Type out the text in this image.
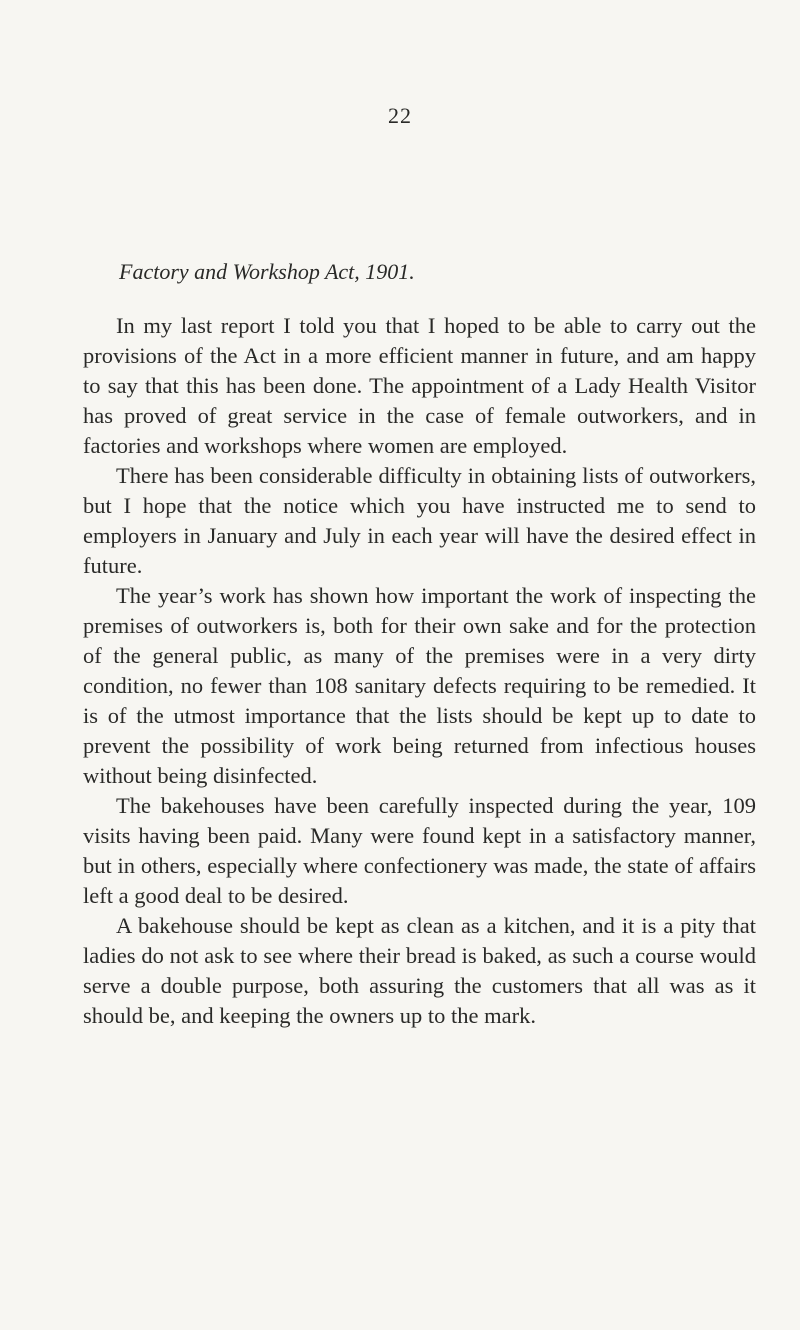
22
Factory and Workshop Act, 1901.

In my last report I told you that I hoped to be able to carry out the provisions of the Act in a more efficient manner in future, and am happy to say that this has been done. The appointment of a Lady Health Visitor has proved of great service in the case of female outworkers, and in factories and workshops where women are employed.

There has been considerable difficulty in obtaining lists of outworkers, but I hope that the notice which you have instructed me to send to employers in January and July in each year will have the desired effect in future.

The year’s work has shown how important the work of inspecting the premises of outworkers is, both for their own sake and for the protection of the general public, as many of the premises were in a very dirty condition, no fewer than 108 sanitary defects requiring to be remedied. It is of the utmost importance that the lists should be kept up to date to prevent the possibility of work being returned from infectious houses without being disinfected.

The bakehouses have been carefully inspected during the year, 109 visits having been paid. Many were found kept in a satisfactory manner, but in others, especially where confectionery was made, the state of affairs left a good deal to be desired.

A bakehouse should be kept as clean as a kitchen, and it is a pity that ladies do not ask to see where their bread is baked, as such a course would serve a double purpose, both assuring the customers that all was as it should be, and keeping the owners up to the mark.
